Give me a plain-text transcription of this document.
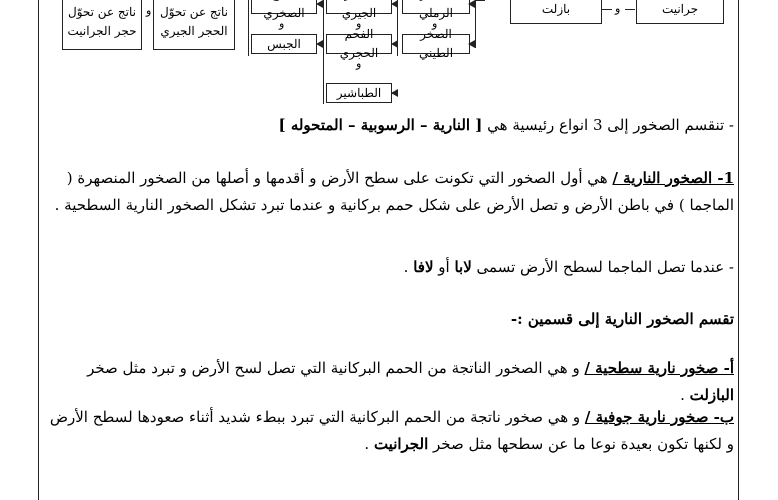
ناتج عن تحوّل حجر الجرانيت
و ناتج عن تحوّل الحجر الجيري
الصخري	الجيري	الرملي
و	و	و
الجبس
الفحم الحجري
الصخر الطيني
و
الطباشير
بازلت	و	جرانيت
- تنقسم الصخور إلى 3 انواع رئيسية هي [ النارية – الرسوبية – المتحوله ]
1- الصخور النارية / هي أول الصخور التي تكونت على سطح الأرض و أقدمها و أصلها من الصخور المنصهرة ( الماجما ) في باطن الأرض و تصل الأرض على شكل حمم بركانية و عندما تبرد تشكل الصخور النارية السطحية .
- عندما تصل الماجما لسطح الأرض تسمى لابا أو لافا .
تقسم الصخور النارية إلى قسمين :-
أ- صخور نارية سطحية / و هي الصخور الناتجة من الحمم البركانية التي تصل لسح الأرض و تبرد مثل صخر البازلت .
ب- صخور نارية جوفية / و هي صخور ناتجة من الحمم البركانية التي تبرد ببطء شديد أثناء صعودها لسطح الأرض و لكنها تكون بعيدة نوعا ما عن سطحها مثل صخر الجرانيت .
